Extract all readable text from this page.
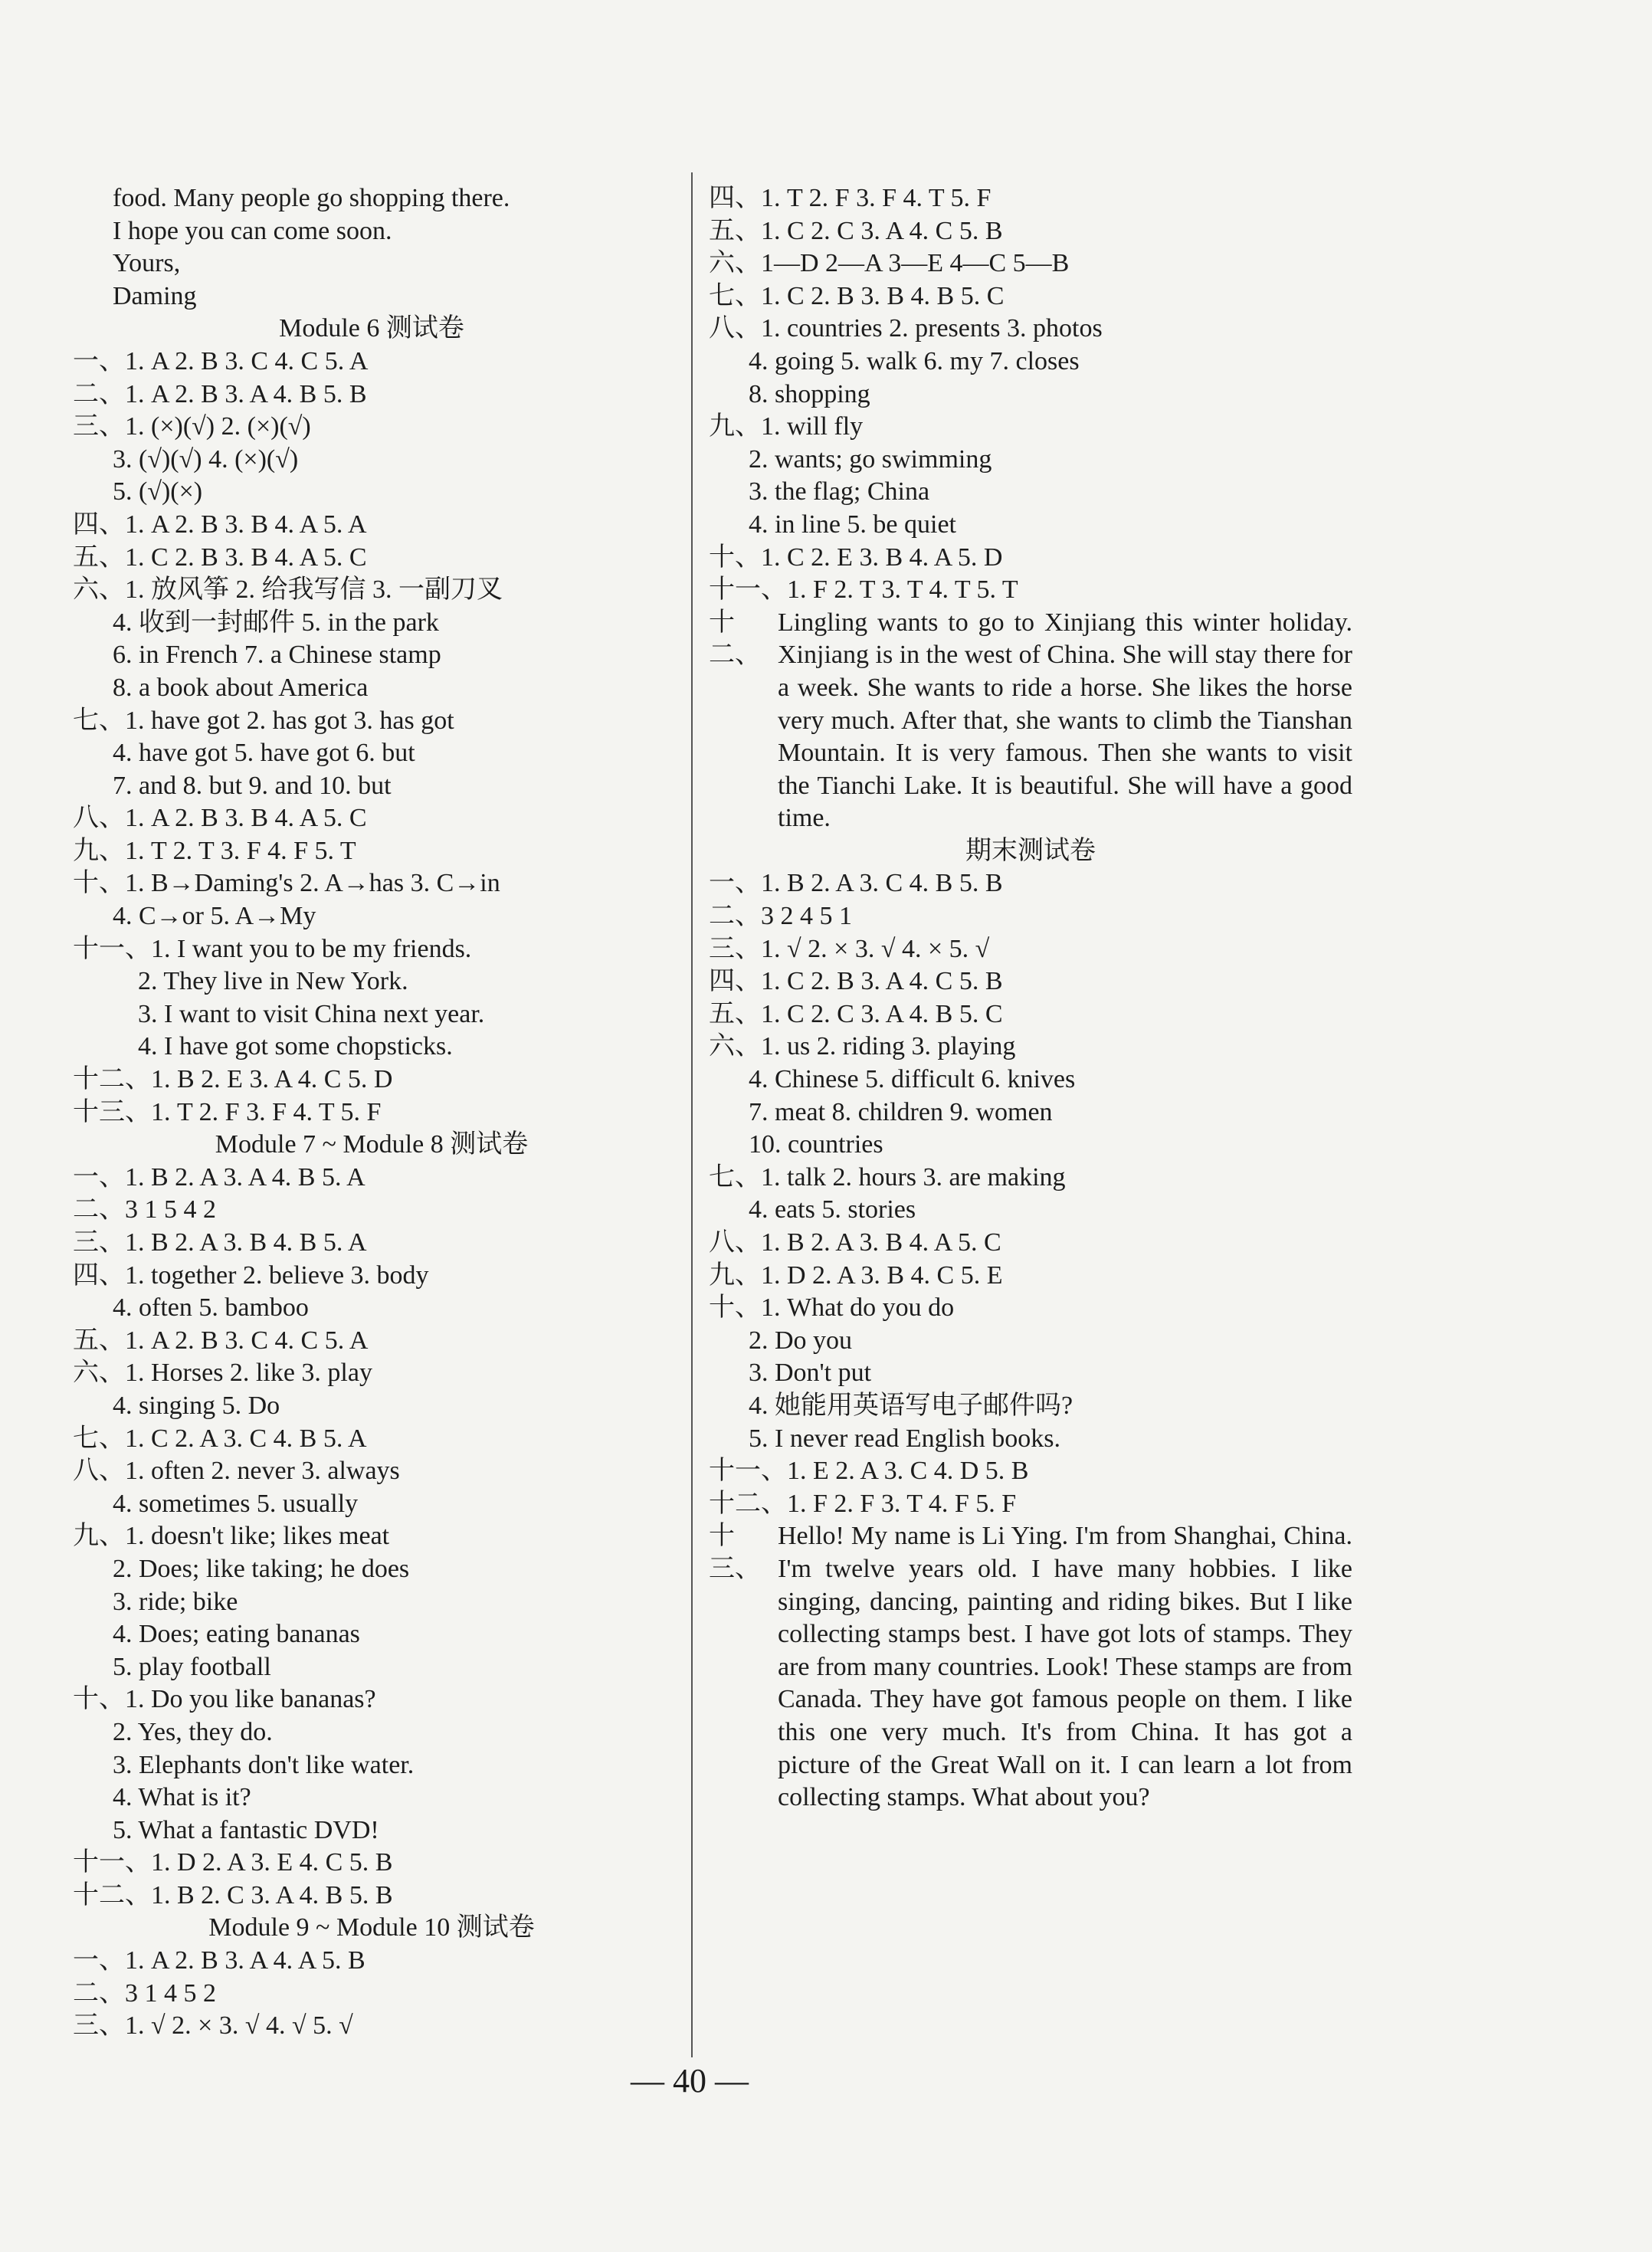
food. Many people go shopping there.
I hope you can come soon.
Yours,
Daming
Module 6 测试卷
一、1. A 2. B 3. C 4. C 5. A
二、1. A 2. B 3. A 4. B 5. B
三、1. (×)(√) 2. (×)(√)
3. (√)(√) 4. (×)(√)
5. (√)(×)
四、1. A 2. B 3. B 4. A 5. A
五、1. C 2. B 3. B 4. A 5. C
六、1. 放风筝 2. 给我写信 3. 一副刀叉
4. 收到一封邮件 5. in the park
6. in French 7. a Chinese stamp
8. a book about America
七、1. have got 2. has got 3. has got
4. have got 5. have got 6. but
7. and 8. but 9. and 10. but
八、1. A 2. B 3. B 4. A 5. C
九、1. T 2. T 3. F 4. F 5. T
十、1. B→Daming's 2. A→has 3. C→in
4. C→or 5. A→My
十一、1. I want you to be my friends.
2. They live in New York.
3. I want to visit China next year.
4. I have got some chopsticks.
十二、1. B 2. E 3. A 4. C 5. D
十三、1. T 2. F 3. F 4. T 5. F
Module 7 ~ Module 8 测试卷
一、1. B 2. A 3. A 4. B 5. A
二、3 1 5 4 2
三、1. B 2. A 3. B 4. B 5. A
四、1. together 2. believe 3. body
4. often 5. bamboo
五、1. A 2. B 3. C 4. C 5. A
六、1. Horses 2. like 3. play
4. singing 5. Do
七、1. C 2. A 3. C 4. B 5. A
八、1. often 2. never 3. always
4. sometimes 5. usually
九、1. doesn't like; likes meat
2. Does; like taking; he does
3. ride; bike
4. Does; eating bananas
5. play football
十、1. Do you like bananas?
2. Yes, they do.
3. Elephants don't like water.
4. What is it?
5. What a fantastic DVD!
十一、1. D 2. A 3. E 4. C 5. B
十二、1. B 2. C 3. A 4. B 5. B
Module 9 ~ Module 10 测试卷
一、1. A 2. B 3. A 4. A 5. B
二、3 1 4 5 2
三、1. √ 2. × 3. √ 4. √ 5. √
四、1. T 2. F 3. F 4. T 5. F
五、1. C 2. C 3. A 4. C 5. B
六、1—D 2—A 3—E 4—C 5—B
七、1. C 2. B 3. B 4. B 5. C
八、1. countries 2. presents 3. photos
4. going 5. walk 6. my 7. closes
8. shopping
九、1. will fly
2. wants; go swimming
3. the flag; China
4. in line 5. be quiet
十、1. C 2. E 3. B 4. A 5. D
十一、1. F 2. T 3. T 4. T 5. T
十二、
Lingling wants to go to Xinjiang this winter holiday. Xinjiang is in the west of China. She will stay there for a week. She wants to ride a horse. She likes the horse very much. After that, she wants to climb the Tianshan Mountain. It is very famous. Then she wants to visit the Tianchi Lake. It is beautiful. She will have a good time.
期末测试卷
一、1. B 2. A 3. C 4. B 5. B
二、3 2 4 5 1
三、1. √ 2. × 3. √ 4. × 5. √
四、1. C 2. B 3. A 4. C 5. B
五、1. C 2. C 3. A 4. B 5. C
六、1. us 2. riding 3. playing
4. Chinese 5. difficult 6. knives
7. meat 8. children 9. women
10. countries
七、1. talk 2. hours 3. are making
4. eats 5. stories
八、1. B 2. A 3. B 4. A 5. C
九、1. D 2. A 3. B 4. C 5. E
十、1. What do you do
2. Do you
3. Don't put
4. 她能用英语写电子邮件吗?
5. I never read English books.
十一、1. E 2. A 3. C 4. D 5. B
十二、1. F 2. F 3. T 4. F 5. F
十三、
Hello! My name is Li Ying. I'm from Shanghai, China. I'm twelve years old. I have many hobbies. I like singing, dancing, painting and riding bikes. But I like collecting stamps best. I have got lots of stamps. They are from many countries. Look! These stamps are from Canada. They have got famous people on them. I like this one very much. It's from China. It has got a picture of the Great Wall on it. I can learn a lot from collecting stamps. What about you?
— 40 —
